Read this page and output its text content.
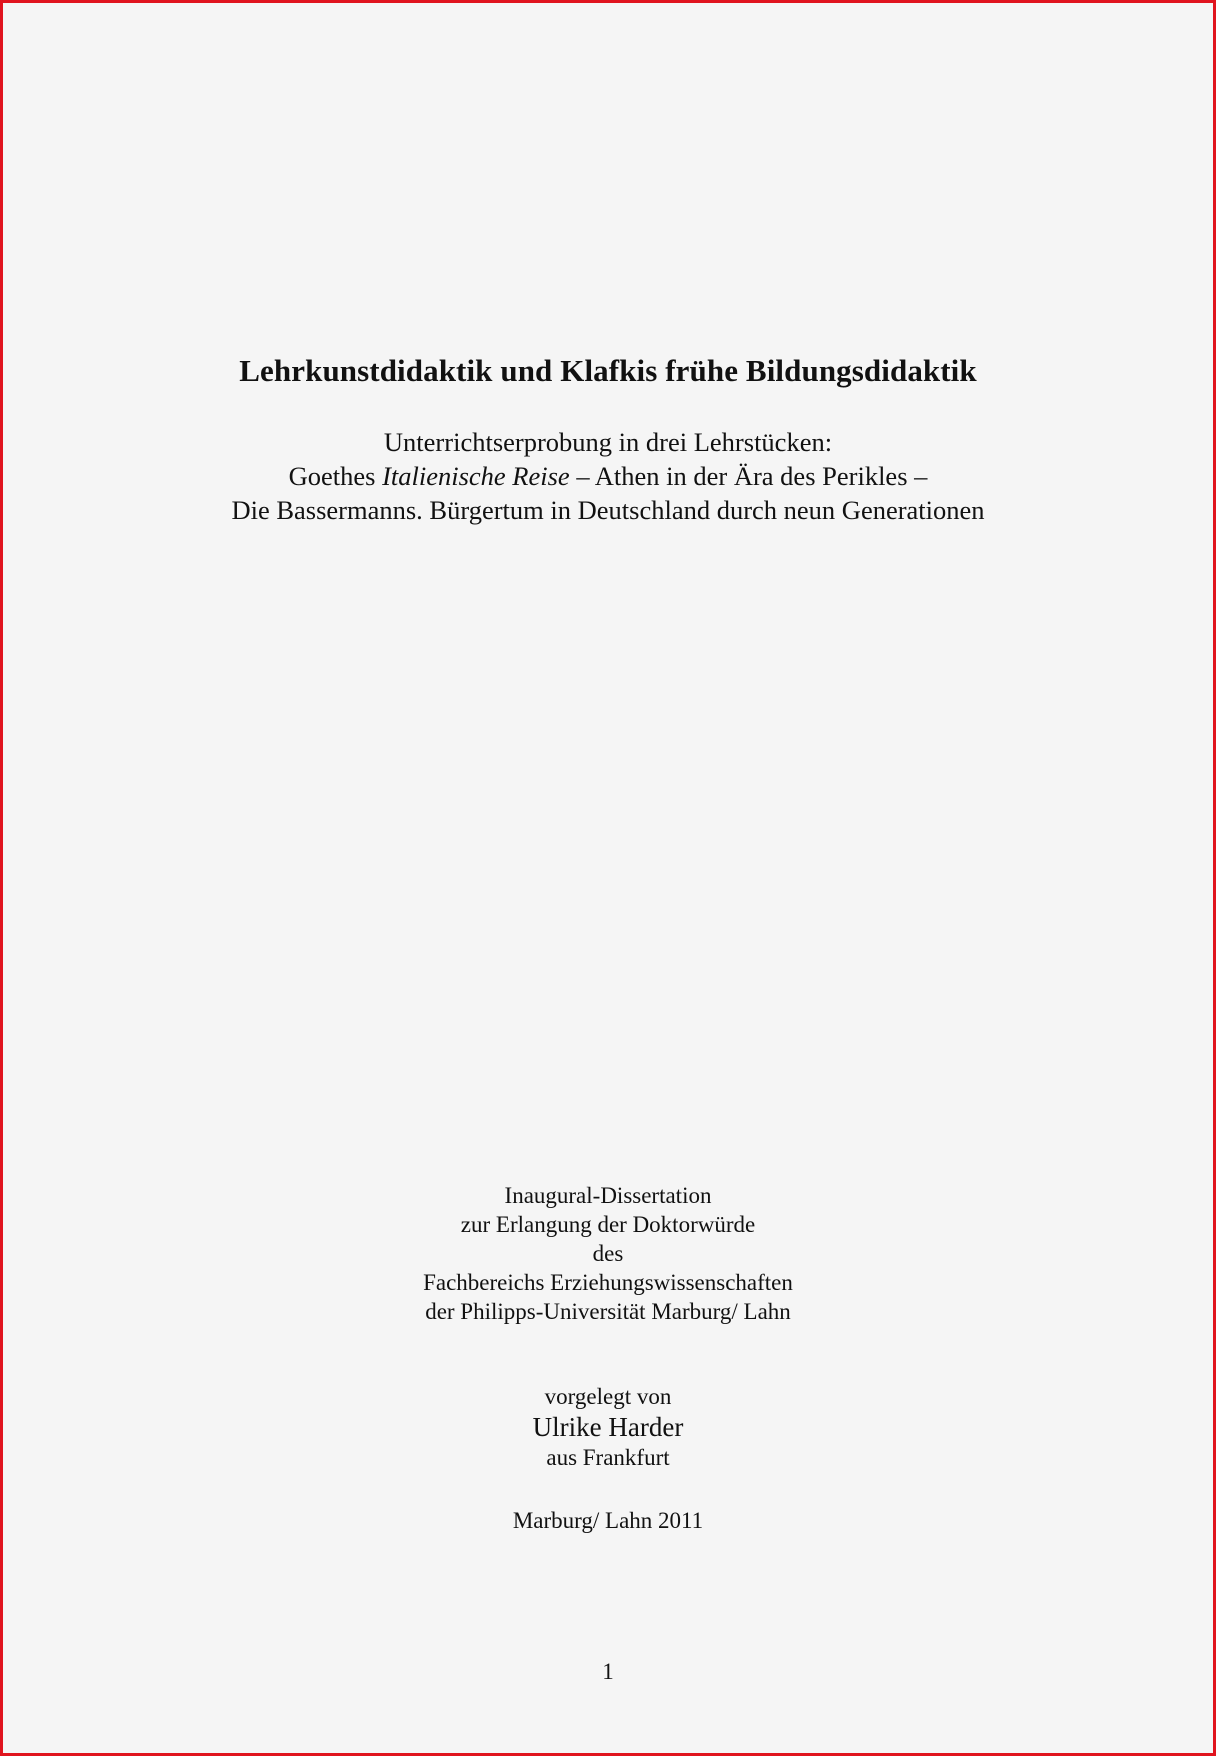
Lehrkunstdidaktik und Klafkis frühe Bildungsdidaktik
Unterrichtserprobung in drei Lehrstücken:
Goethes Italienische Reise – Athen in der Ära des Perikles –
Die Bassermanns. Bürgertum in Deutschland durch neun Generationen
Inaugural-Dissertation
zur Erlangung der Doktorwürde
des
Fachbereichs Erziehungswissenschaften
der Philipps-Universität Marburg/ Lahn
vorgelegt von
Ulrike Harder
aus Frankfurt
Marburg/ Lahn 2011
1
